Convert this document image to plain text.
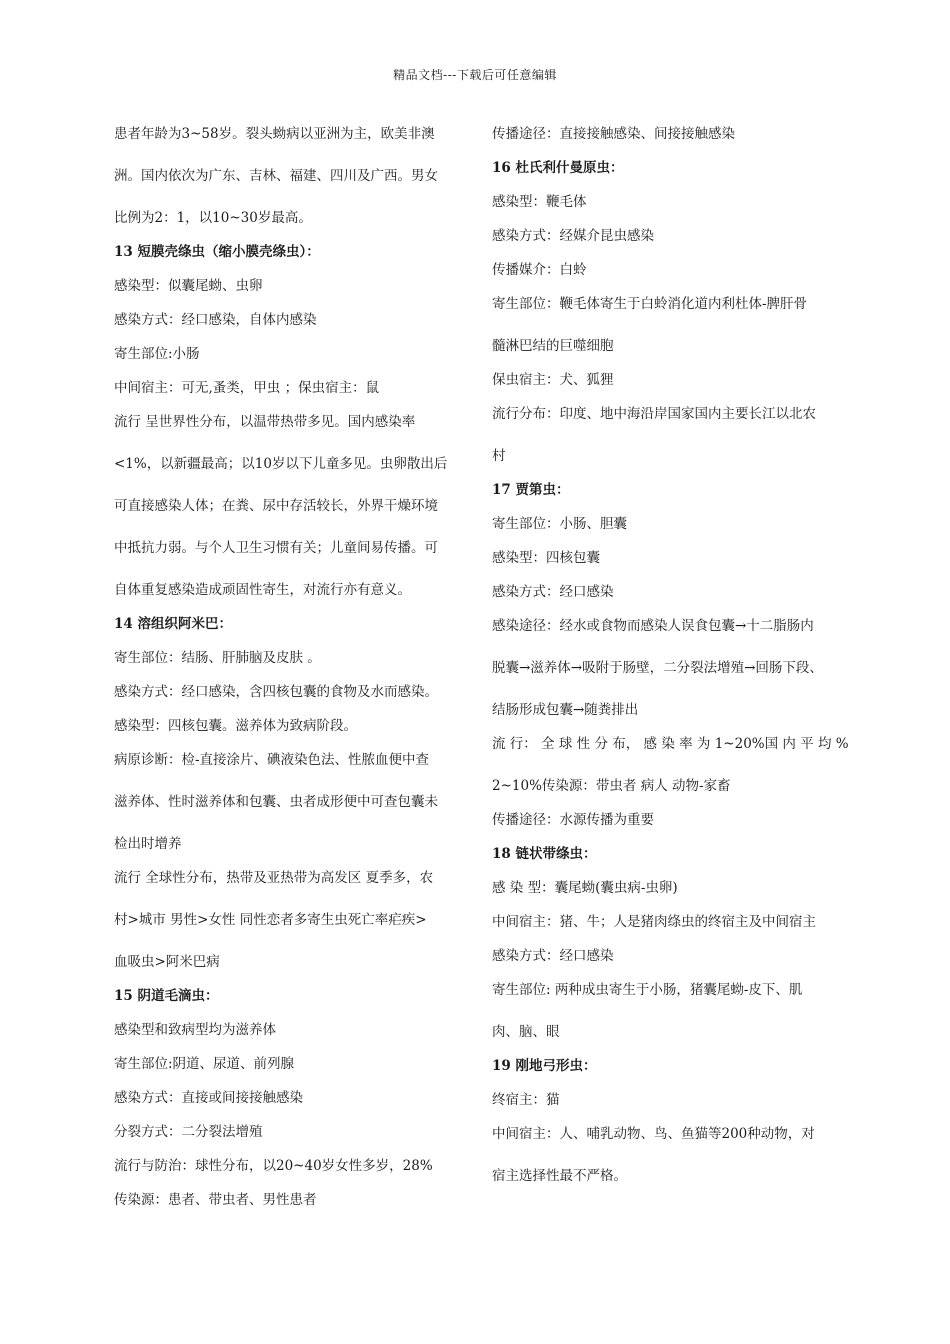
精品文档---下载后可任意编辑
患者年龄为3~58岁。裂头蚴病以亚洲为主，欧美非澳
洲。国内依次为广东、吉林、福建、四川及广西。男女
比例为2：1，以10~30岁最高。
13 短膜壳绦虫（缩小膜壳绦虫）：
感染型：似囊尾蚴、虫卵
感染方式：经口感染，自体内感染
寄生部位:小肠
中间宿主：可无,蚤类，甲虫 ；保虫宿主：鼠
流行 呈世界性分布，以温带热带多见。国内感染率
<1%，以新疆最高；以10岁以下儿童多见。虫卵散出后
可直接感染人体；在粪、尿中存活较长，外界干燥环境
中抵抗力弱。与个人卫生习惯有关；儿童间易传播。可
自体重复感染造成顽固性寄生，对流行亦有意义。
14 溶组织阿米巴：
寄生部位：结肠、肝肺脑及皮肤 。
感染方式：经口感染，含四核包囊的食物及水而感染。
感染型：四核包囊。滋养体为致病阶段。
病原诊断：检-直接涂片、碘液染色法、性脓血便中查
滋养体、性时滋养体和包囊、虫者成形便中可查包囊未
检出时增养
流行 全球性分布，热带及亚热带为高发区 夏季多，农
村>城市 男性>女性 同性恋者多寄生虫死亡率疟疾>
血吸虫>阿米巴病
15 阴道毛滴虫：
感染型和致病型均为滋养体
寄生部位:阴道、尿道、前列腺
感染方式：直接或间接接触感染
分裂方式：二分裂法增殖
流行与防治：球性分布，以20~40岁女性多岁，28%
传染源：患者、带虫者、男性患者
传播途径：直接接触感染、间接接触感染
16 杜氏利什曼原虫：
感染型：鞭毛体
感染方式：经媒介昆虫感染
传播媒介：白蛉
寄生部位：鞭毛体寄生于白蛉消化道内利杜体-脾肝骨
髓淋巴结的巨噬细胞
保虫宿主：犬、狐狸
流行分布：印度、地中海沿岸国家国内主要长江以北农
村
17 贾第虫：
寄生部位：小肠、胆囊
感染型：四核包囊
感染方式：经口感染
感染途径：经水或食物而感染人误食包囊→十二脂肠内
脱囊→滋养体→吸附于肠壁，二分裂法增殖→回肠下段、
结肠形成包囊→随粪排出
流 行： 全 球 性 分 布， 感 染 率 为 1~20%国 内 平 均 %
2~10%传染源：带虫者 病人 动物-家畜
传播途径：水源传播为重要
18 链状带绦虫：
感 染 型：囊尾蚴(囊虫病-虫卵)
中间宿主：猪、牛；人是猪肉绦虫的终宿主及中间宿主
感染方式：经口感染
寄生部位: 两种成虫寄生于小肠，猪囊尾蚴-皮下、肌
肉、脑、眼
19 刚地弓形虫：
终宿主：猫
中间宿主：人、哺乳动物、鸟、鱼猫等200种动物，对
宿主选择性最不严格。
